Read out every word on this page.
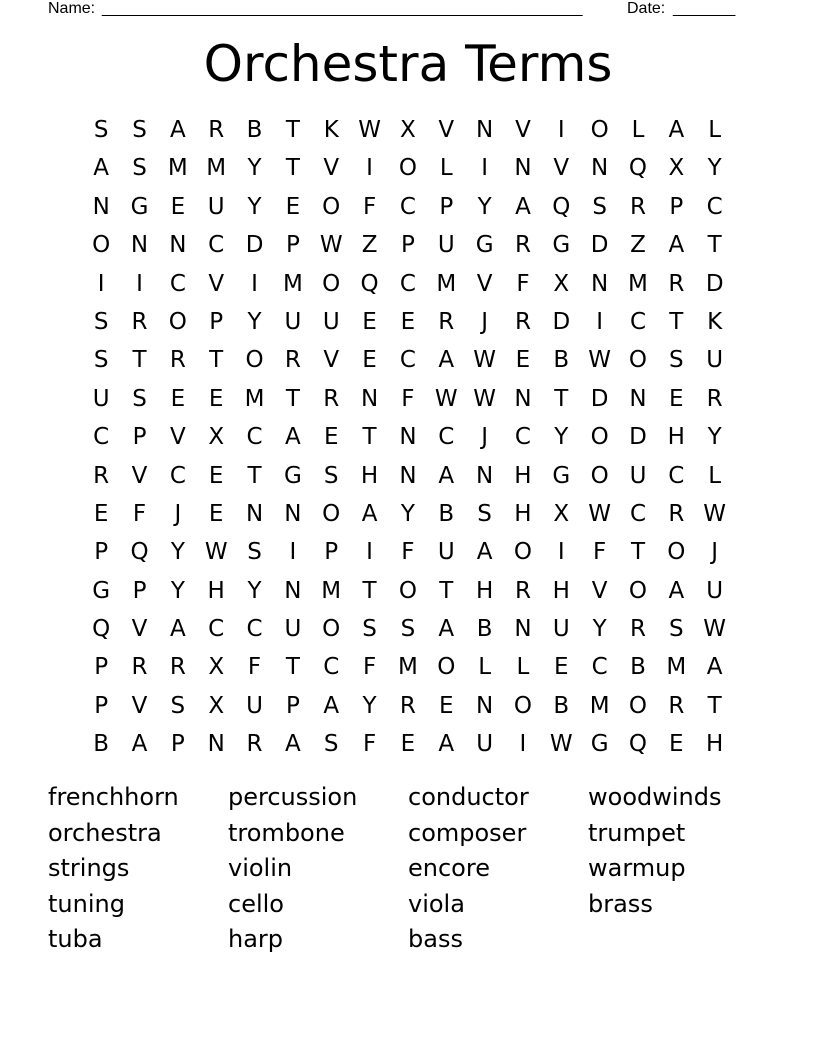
Name: ______________________________________________________	Date: _______
Orchestra Terms
S	S	A R B	T	K W X V N V	I	O L	A	L
A	S M M Y	T	V	I	O L	I	N V N Q X	Y
N G E U Y	E O F	C	P	Y	A Q S	R	P	C
O N N C D P W Z	P U G R G D Z A	T
I	I	C V	I	M O Q C M V	F	X N M R D
S	R O P	Y U U E	E	R	J	R D	I	C	T	K
S	T	R	T O R V	E	C A W E	B W O S U
U S	E	E M T	R N	F W W N T D N E	R
C	P	V X C A	E	T N C	J	C	Y O D H Y
R V C	E	T G S H N A N H G O U C	L
E	F	J	E N N O A	Y	B	S H X W C R W
P Q Y W S	I	P	I	F	U A O	I	F	T O	J
G P	Y H Y N M T O T H R H V O A U
Q V A C C U O S	S	A B N U Y	R	S W
P	R R X	F	T	C	F M O L	L	E	C B M A
P	V	S	X U P	A	Y	R	E N O B M O R	T
B A	P N R A	S	F	E	A U	I	W G Q E H
frenchhorn	percussion	conductor	woodwinds
orchestra	trombone	composer	trumpet
strings	violin	encore	warmup
tuning	cello	viola	brass
tuba	harp	bass
